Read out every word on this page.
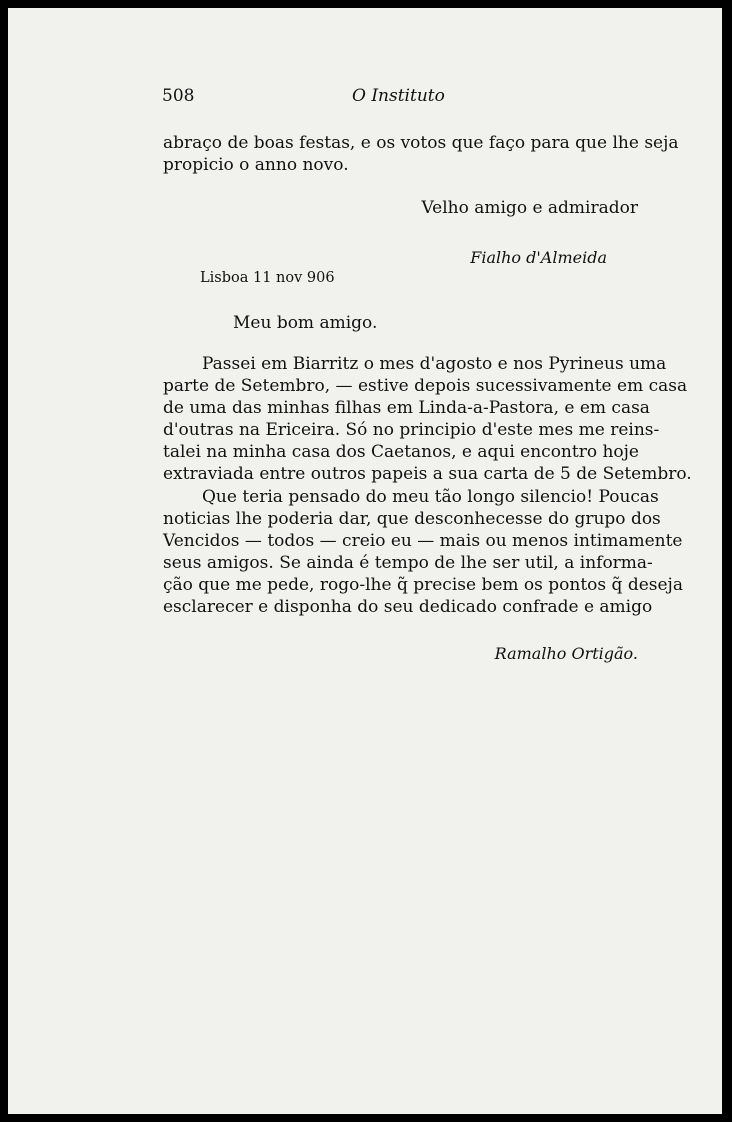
508	O Instituto
abraço de boas festas, e os votos que faço para que lhe seja
propicio o anno novo.
Velho amigo e admirador
Fialho d'Almeida
Lisboa 11 nov 906
Meu bom amigo.
Passei em Biarritz o mes d'agosto e nos Pyrineus uma
parte de Setembro, — estive depois sucessivamente em casa
de uma das minhas filhas em Linda-a-Pastora, e em casa
d'outras na Ericeira. Só no principio d'este mes me reins-
talei na minha casa dos Caetanos, e aqui encontro hoje
extraviada entre outros papeis a sua carta de 5 de Setembro.
Que teria pensado do meu tão longo silencio! Poucas
noticias lhe poderia dar, que desconhecesse do grupo dos
Vencidos — todos — creio eu — mais ou menos intimamente
seus amigos. Se ainda é tempo de lhe ser util, a informa-
ção que me pede, rogo-lhe q̃ precise bem os pontos q̃ deseja
esclarecer e disponha do seu dedicado confrade e amigo
Ramalho Ortigão.
